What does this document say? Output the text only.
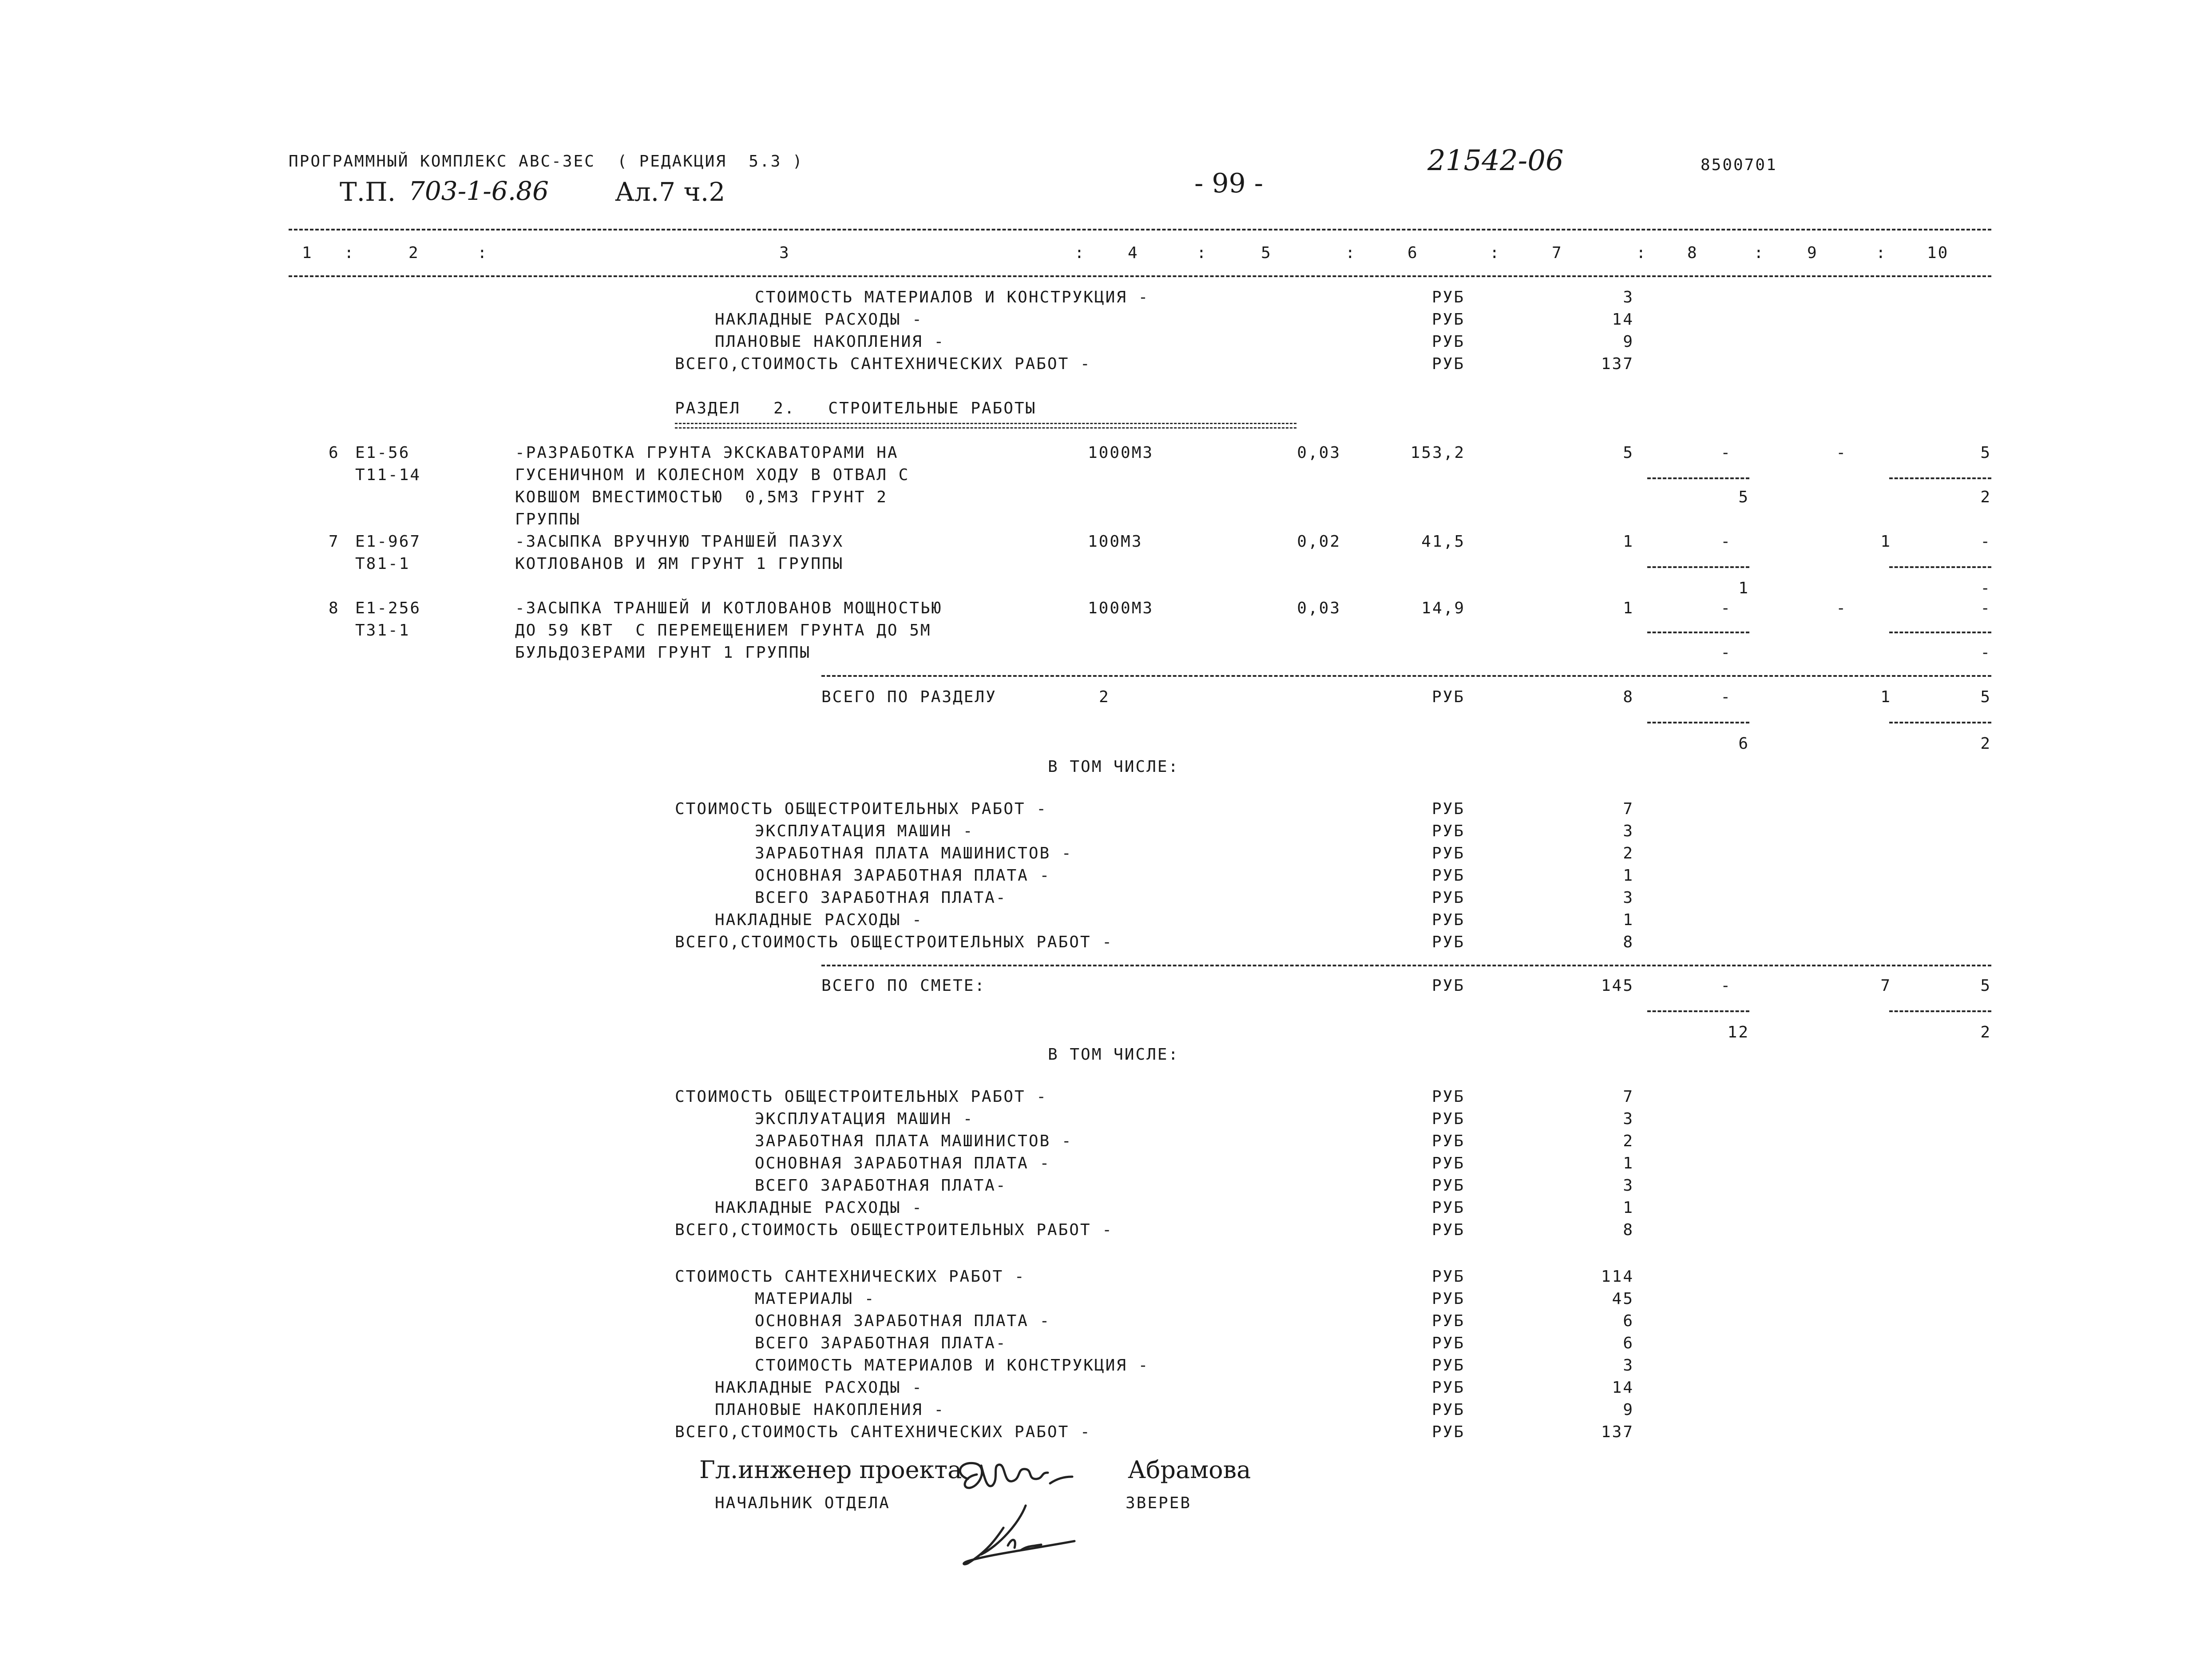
ПРОГРАММНЫЙ КОМПЛЕКС АВС-3ЕС  ( РЕДАКЦИЯ  5.3 )
- 99 -
21542-06	8500701
Т.П. 703-1-6.86	Ал.7 ч.2
1 :	2	:	3	:	4	:	5	:	6	:	7	:	8	:	9	:	10
СТОИМОСТЬ МАТЕРИАЛОВ И КОНСТРУКЦИЯ -	РУБ	3
НАКЛАДНЫЕ РАСХОДЫ -	РУБ	14
ПЛАНОВЫЕ НАКОПЛЕНИЯ -	РУБ	9
ВСЕГО,СТОИМОСТЬ САНТЕХНИЧЕСКИХ РАБОТ -	РУБ	137
РАЗДЕЛ   2.   СТРОИТЕЛЬНЫЕ РАБОТЫ
6 Е1-56
Т11-14
-РАЗРАБОТКА ГРУНТА ЭКСКАВАТОРАМИ НА
ГУСЕНИЧНОМ И КОЛЕСНОМ ХОДУ В ОТВАЛ С
КОВШОМ ВМЕСТИМОСТЬЮ  0,5М3 ГРУНТ 2
ГРУППЫ
1000М3	0,03	153,2	5	-	-	5
5	2
7 Е1-967
Т81-1
-ЗАСЫПКА ВРУЧНУЮ ТРАНШЕЙ ПАЗУХ
КОТЛОВАНОВ И ЯМ ГРУНТ 1 ГРУППЫ
100М3	0,02	41,5	1	-	1	-
1	-
8 Е1-256
Т31-1
-ЗАСЫПКА ТРАНШЕЙ И КОТЛОВАНОВ МОЩНОСТЬЮ
ДО 59 КВТ  С ПЕРЕМЕЩЕНИЕМ ГРУНТА ДО 5М
БУЛЬДОЗЕРАМИ ГРУНТ 1 ГРУППЫ
1000М3	0,03	14,9	1	-	-	-
-	-
ВСЕГО ПО РАЗДЕЛУ	2	РУБ	8	-	1	5
6	2
В ТОМ ЧИСЛЕ:
СТОИМОСТЬ ОБЩЕСТРОИТЕЛЬНЫХ РАБОТ -	РУБ	7
ЭКСПЛУАТАЦИЯ МАШИН -	РУБ	3
ЗАРАБОТНАЯ ПЛАТА МАШИНИСТОВ -	РУБ	2
ОСНОВНАЯ ЗАРАБОТНАЯ ПЛАТА -	РУБ	1
ВСЕГО ЗАРАБОТНАЯ ПЛАТА-	РУБ	3
НАКЛАДНЫЕ РАСХОДЫ -	РУБ	1
ВСЕГО,СТОИМОСТЬ ОБЩЕСТРОИТЕЛЬНЫХ РАБОТ -	РУБ	8
ВСЕГО ПО СМЕТЕ:	РУБ	145	-	7	5
12	2
В ТОМ ЧИСЛЕ:
СТОИМОСТЬ ОБЩЕСТРОИТЕЛЬНЫХ РАБОТ -	РУБ	7
ЭКСПЛУАТАЦИЯ МАШИН -	РУБ	3
ЗАРАБОТНАЯ ПЛАТА МАШИНИСТОВ -	РУБ	2
ОСНОВНАЯ ЗАРАБОТНАЯ ПЛАТА -	РУБ	1
ВСЕГО ЗАРАБОТНАЯ ПЛАТА-	РУБ	3
НАКЛАДНЫЕ РАСХОДЫ -	РУБ	1
ВСЕГО,СТОИМОСТЬ ОБЩЕСТРОИТЕЛЬНЫХ РАБОТ -	РУБ	8
СТОИМОСТЬ САНТЕХНИЧЕСКИХ РАБОТ -	РУБ	114
МАТЕРИАЛЫ -	РУБ	45
ОСНОВНАЯ ЗАРАБОТНАЯ ПЛАТА -	РУБ	6
ВСЕГО ЗАРАБОТНАЯ ПЛАТА-	РУБ	6
СТОИМОСТЬ МАТЕРИАЛОВ И КОНСТРУКЦИЯ -	РУБ	3
НАКЛАДНЫЕ РАСХОДЫ -	РУБ	14
ПЛАНОВЫЕ НАКОПЛЕНИЯ -	РУБ	9
ВСЕГО,СТОИМОСТЬ САНТЕХНИЧЕСКИХ РАБОТ -	РУБ	137
Гл.инженер проекта	Абрамова
НАЧАЛЬНИК ОТДЕЛА	ЗВЕРЕВ
